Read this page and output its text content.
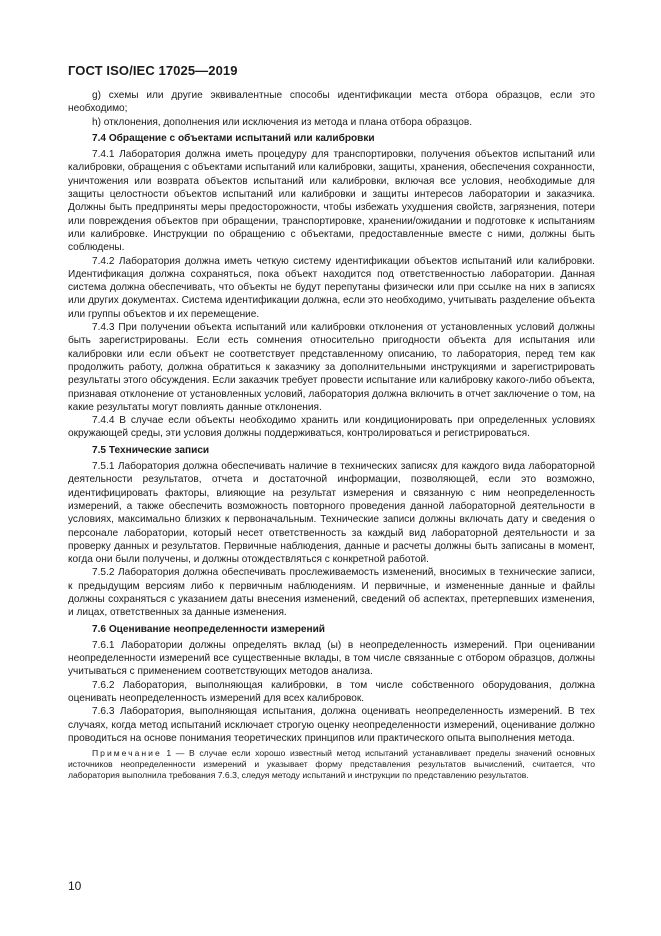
ГОСТ ISO/IEC 17025—2019

g) схемы или другие эквивалентные способы идентификации места отбора образцов, если это необходимо;

h) отклонения, дополнения или исключения из метода и плана отбора образцов.

7.4 Обращение с объектами испытаний или калибровки

7.4.1 Лаборатория должна иметь процедуру для транспортировки, получения объектов испытаний или калибровки, обращения с объектами испытаний или калибровки, защиты, хранения, обеспечения сохранности, уничтожения или возврата объектов испытаний или калибровки, включая все условия, необходимые для защиты целостности объектов испытаний или калибровки и защиты интересов лаборатории и заказчика. Должны быть предприняты меры предосторожности, чтобы избежать ухудшения свойств, загрязнения, потери или повреждения объектов при обращении, транспортировке, хранении/ожидании и подготовке к испытаниям или калибровке. Инструкции по обращению с объектами, предоставленные вместе с ними, должны быть соблюдены.

7.4.2 Лаборатория должна иметь четкую систему идентификации объектов испытаний или калибровки. Идентификация должна сохраняться, пока объект находится под ответственностью лаборатории. Данная система должна обеспечивать, что объекты не будут перепутаны физически или при ссылке на них в записях или других документах. Система идентификации должна, если это необходимо, учитывать разделение объекта или группы объектов и их перемещение.

7.4.3 При получении объекта испытаний или калибровки отклонения от установленных условий должны быть зарегистрированы. Если есть сомнения относительно пригодности объекта для испытания или калибровки или если объект не соответствует представленному описанию, то лаборатория, перед тем как продолжить работу, должна обратиться к заказчику за дополнительными инструкциями и зарегистрировать результаты этого обсуждения. Если заказчик требует провести испытание или калибровку какого-либо объекта, признавая отклонение от установленных условий, лаборатория должна включить в отчет заключение о том, на какие результаты могут повлиять данные отклонения.

7.4.4 В случае если объекты необходимо хранить или кондиционировать при определенных условиях окружающей среды, эти условия должны поддерживаться, контролироваться и регистрироваться.

7.5 Технические записи

7.5.1 Лаборатория должна обеспечивать наличие в технических записях для каждого вида лабораторной деятельности результатов, отчета и достаточной информации, позволяющей, если это возможно, идентифицировать факторы, влияющие на результат измерения и связанную с ним неопределенность измерений, а также обеспечить возможность повторного проведения данной лабораторной деятельности в условиях, максимально близких к первоначальным. Технические записи должны включать дату и сведения о персонале лаборатории, который несет ответственность за каждый вид лабораторной деятельности и за проверку данных и результатов. Первичные наблюдения, данные и расчеты должны быть записаны в момент, когда они были получены, и должны отождествляться с конкретной работой.

7.5.2 Лаборатория должна обеспечивать прослеживаемость изменений, вносимых в технические записи, к предыдущим версиям либо к первичным наблюдениям. И первичные, и измененные данные и файлы должны сохраняться с указанием даты внесения изменений, сведений об аспектах, претерпевших изменения, и лицах, ответственных за данные изменения.

7.6 Оценивание неопределенности измерений

7.6.1 Лаборатории должны определять вклад (ы) в неопределенность измерений. При оценивании неопределенности измерений все существенные вклады, в том числе связанные с отбором образцов, должны учитываться с применением соответствующих методов анализа.

7.6.2 Лаборатория, выполняющая калибровки, в том числе собственного оборудования, должна оценивать неопределенность измерений для всех калибровок.

7.6.3 Лаборатория, выполняющая испытания, должна оценивать неопределенность измерений. В тех случаях, когда метод испытаний исключает строгую оценку неопределенности измерений, оценивание должно проводиться на основе понимания теоретических принципов или практического опыта выполнения метода.

Примечание 1 — В случае если хорошо известный метод испытаний устанавливает пределы значений основных источников неопределенности измерений и указывает форму представления результатов вычислений, считается, что лаборатория выполнила требования 7.6.3, следуя методу испытаний и инструкции по представлению результатов.

10
